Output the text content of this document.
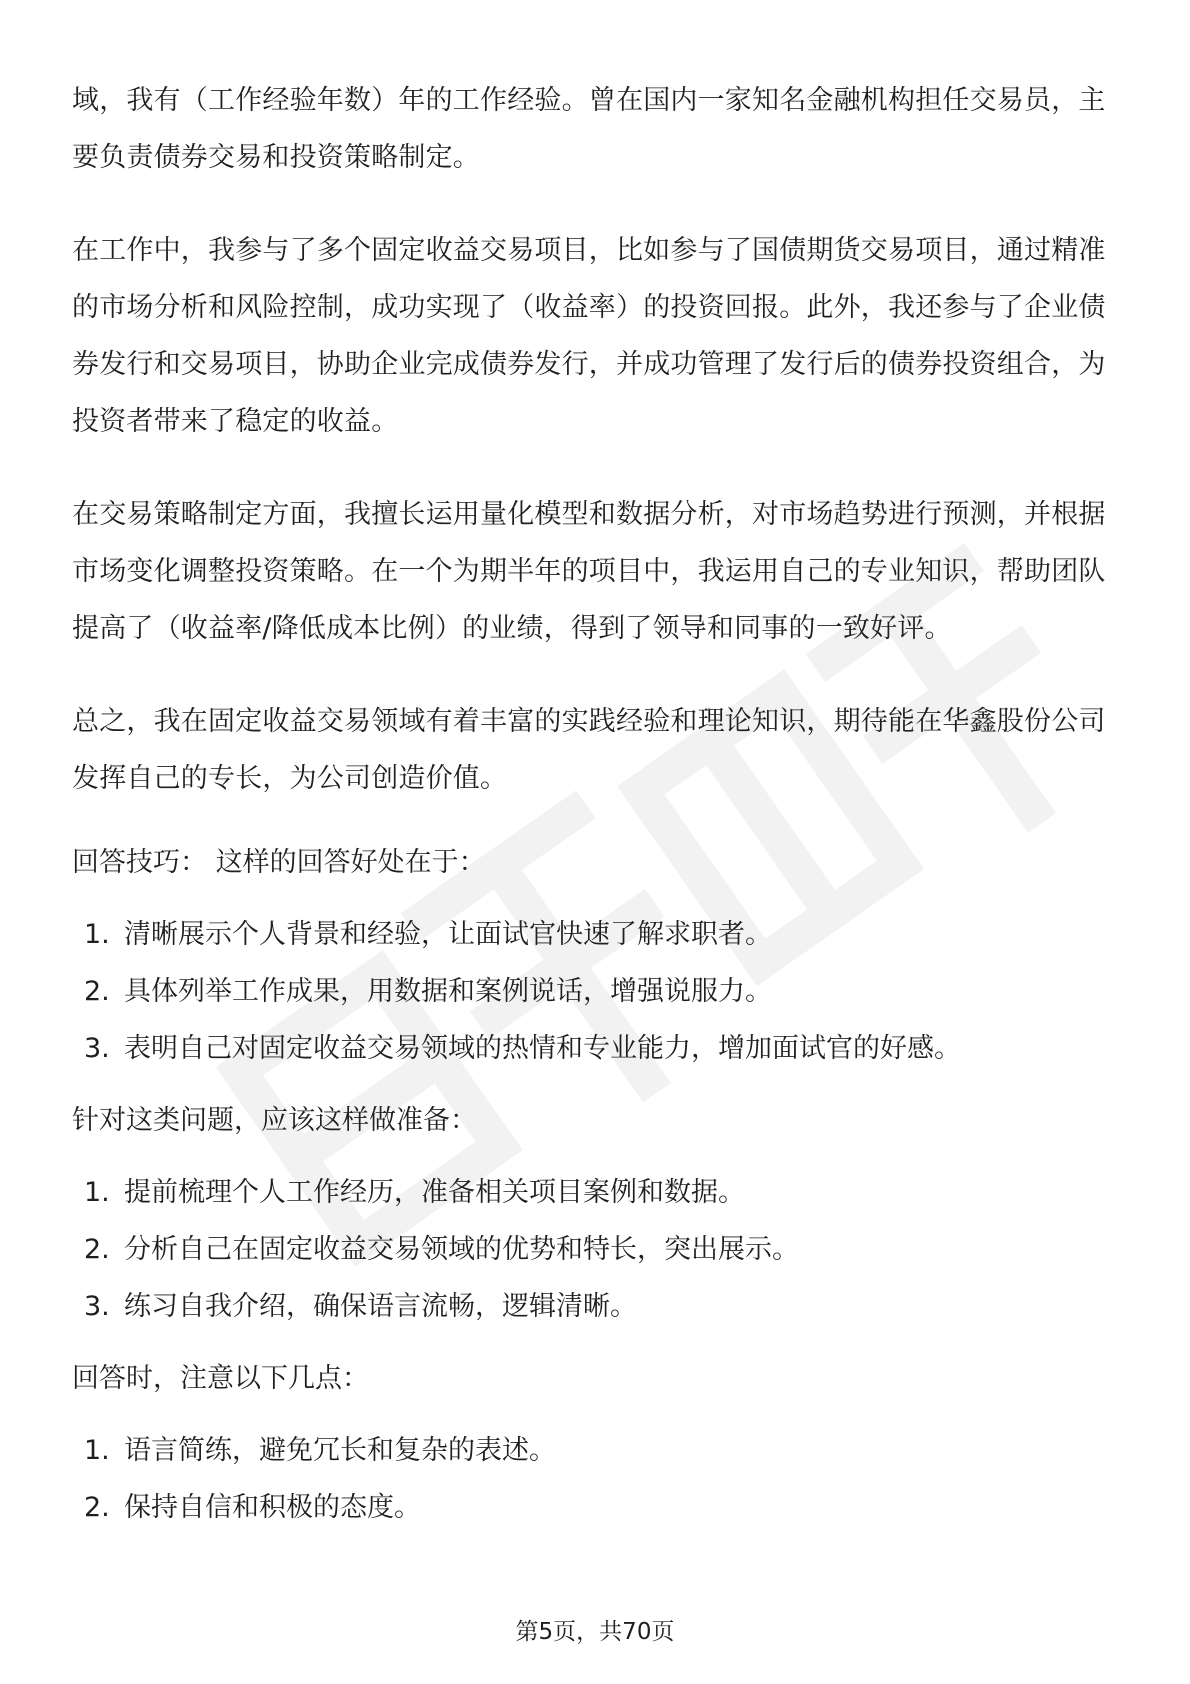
域，我有（工作经验年数）年的工作经验。曾在国内一家知名金融机构担任交易员，主要负责债券交易和投资策略制定。

在工作中，我参与了多个固定收益交易项目，比如参与了国债期货交易项目，通过精准的市场分析和风险控制，成功实现了（收益率）的投资回报。此外，我还参与了企业债券发行和交易项目，协助企业完成债券发行，并成功管理了发行后的债券投资组合，为投资者带来了稳定的收益。

在交易策略制定方面，我擅长运用量化模型和数据分析，对市场趋势进行预测，并根据市场变化调整投资策略。在一个为期半年的项目中，我运用自己的专业知识，帮助团队提高了（收益率/降低成本比例）的业绩，得到了领导和同事的一致好评。

总之，我在固定收益交易领域有着丰富的实践经验和理论知识，期待能在华鑫股份公司发挥自己的专长，为公司创造价值。

回答技巧： 这样的回答好处在于：

1. 清晰展示个人背景和经验，让面试官快速了解求职者。
2. 具体列举工作成果，用数据和案例说话，增强说服力。
3. 表明自己对固定收益交易领域的热情和专业能力，增加面试官的好感。

针对这类问题，应该这样做准备：

1. 提前梳理个人工作经历，准备相关项目案例和数据。
2. 分析自己在固定收益交易领域的优势和特长，突出展示。
3. 练习自我介绍，确保语言流畅，逻辑清晰。

回答时，注意以下几点：

1. 语言简练，避免冗长和复杂的表述。
2. 保持自信和积极的态度。
第5页，共70页
